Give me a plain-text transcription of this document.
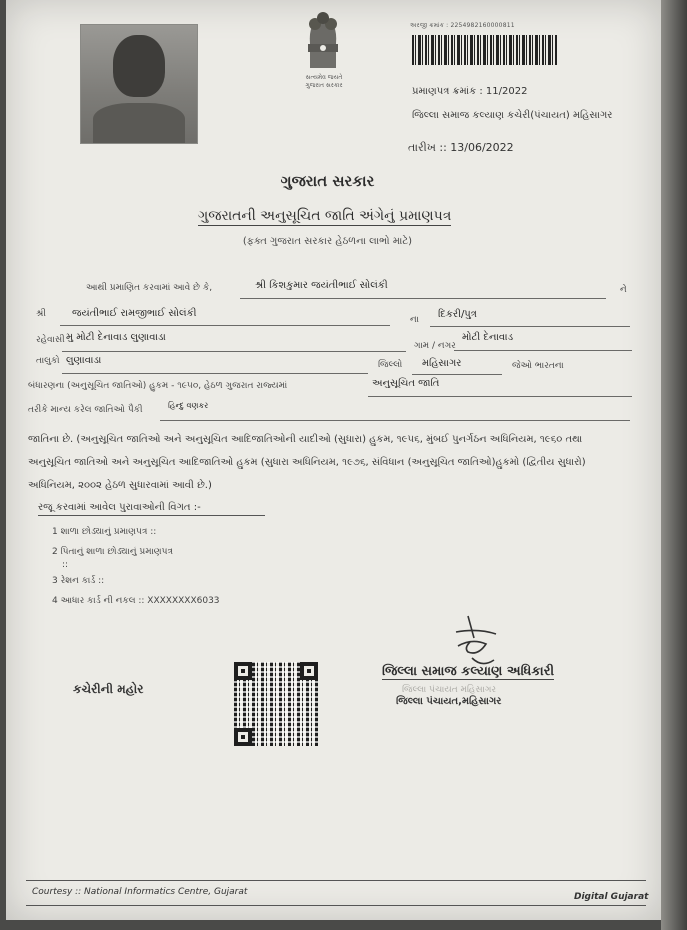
સત્યમેવ જયતે
ગુજરાત સરકાર
અરજી ક્રમાંક : 2254982160000811
પ્રમાણપત્ર ક્રમાંક : 11/2022
જિલ્લા સમાજ કલ્યાણ કચેરી(પંચાયત) મહિસાગર
તારીખ :: 13/06/2022
ગુજરાત સરકાર
ગુજરાતની અનુસૂચિત જાતિ અંગેનું પ્રમાણપત્ર
(ફક્ત ગુજરાત સરકાર હેઠળના લાભો માટે)
આથી પ્રમાણિત કરવામાં આવે છે કે,	શ્રી કિશકુમાર જયંતીભાઈ સોલંકી	ને
શ્રી	જયંતીભાઈ રામજીભાઈ સોલંકી
ના દિકરી/પુત્ર
રહેવાસી મુ મોટી દેનાવાડ લુણાવાડા
ગામ / નગર
મોટી દેનાવાડ
તાલુકો લુણાવાડા	જિલ્લો મહિસાગર	જેઓ ભારતના
બંધારણના (અનુસૂચિત જાતિઓ) હુકમ - ૧૯૫૦, હેઠળ ગુજરાત રાજ્યમાં	અનુસૂચિત જાતિ
તરીકે માન્ય કરેલ જાતિઓ પૈકી	હિન્દુ વણકર
જાતિના છે. (અનુસૂચિત જાતિઓ અને અનુસૂચિત આદિજાતિઓની યાદીઓ (સુધારા) હુકમ, ૧૯૫૬, મુંબઈ પુનર્ગઠન અધિનિયમ, ૧૯૬૦ તથા અનુસૂચિત જાતિઓ અને અનુસૂચિત આદિજાતિઓ હુકમ (સુધારા અધિનિયમ, ૧૯૭૬, સંવિધાન (અનુસૂચિત જાતિઓ)હુકમો (દ્વિતીય સુધારો) અધિનિયમ, ૨૦૦૨ હેઠળ સુધારવામાં આવી છે.)
રજૂ કરવામાં આવેલ પુરાવાઓની વિગત :-
1 શાળા છોડ્યાનું પ્રમાણપત્ર ::
2 પિતાનું શાળા છોડ્યાનું પ્રમાણપત્ર
::
3 રેશન કાર્ડ ::
4 આધાર કાર્ડ ની નકલ :: XXXXXXXX6033
કચેરીની મહોર
જિલ્લા સમાજ કલ્યાણ અધિકારી
જિલ્લા પંચાયત મહિસાગર
જિલ્લા પંચાયત,મહિસાગર
Courtesy :: National Informatics Centre, Gujarat	Digital Gujarat
